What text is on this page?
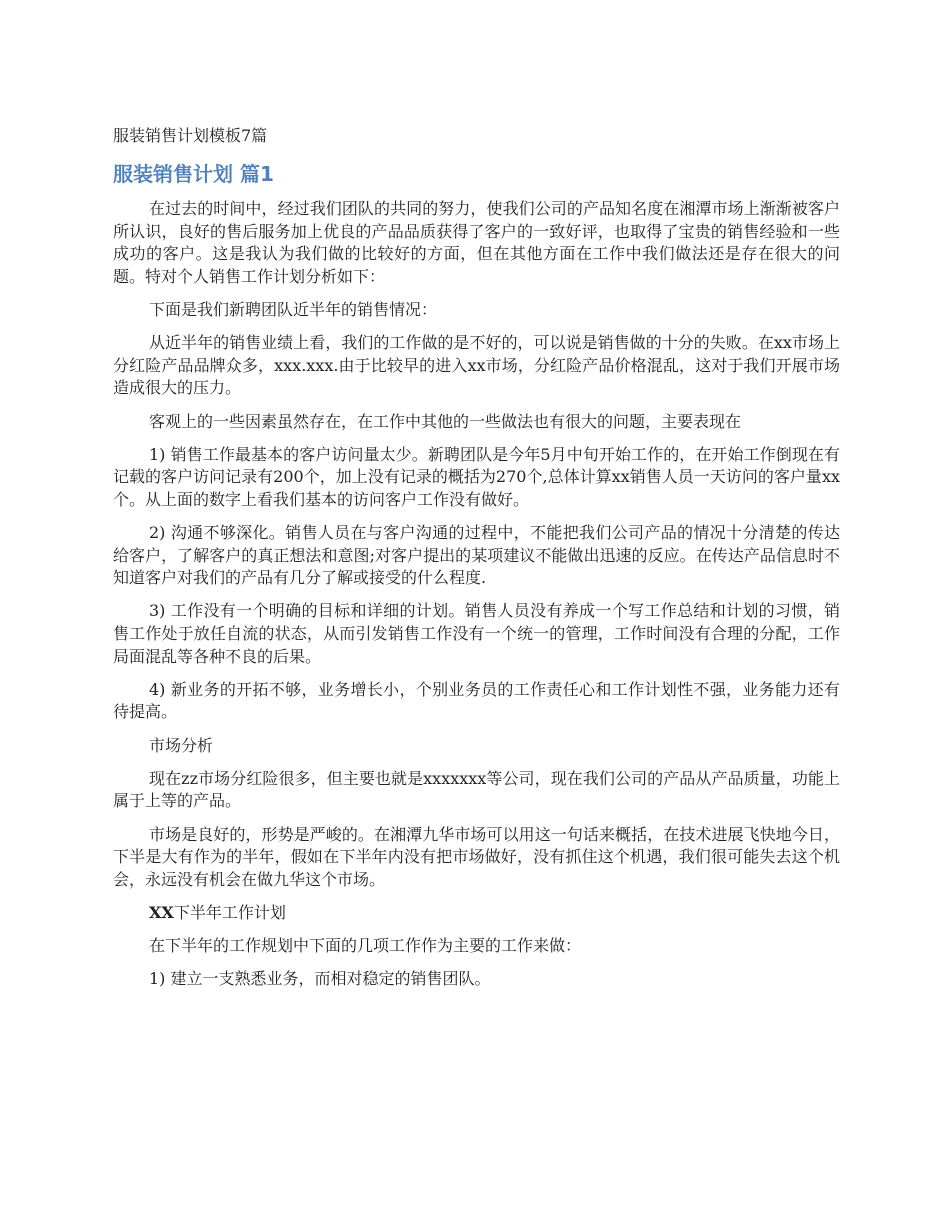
服装销售计划模板7篇

服装销售计划 篇1

在过去的时间中，经过我们团队的共同的努力，使我们公司的产品知名度在湘潭市场上渐渐被客户所认识，良好的售后服务加上优良的产品品质获得了客户的一致好评，也取得了宝贵的销售经验和一些成功的客户。这是我认为我们做的比较好的方面，但在其他方面在工作中我们做法还是存在很大的问题。特对个人销售工作计划分析如下：

下面是我们新聘团队近半年的销售情况：

从近半年的销售业绩上看，我们的工作做的是不好的，可以说是销售做的十分的失败。在xx市场上分红险产品品牌众多，xxx.xxx.由于比较早的进入xx市场，分红险产品价格混乱，这对于我们开展市场造成很大的压力。

客观上的一些因素虽然存在，在工作中其他的一些做法也有很大的问题，主要表现在

1) 销售工作最基本的客户访问量太少。新聘团队是今年5月中旬开始工作的，在开始工作倒现在有记载的客户访问记录有200个，加上没有记录的概括为270个,总体计算xx销售人员一天访问的客户量xx个。从上面的数字上看我们基本的访问客户工作没有做好。

2) 沟通不够深化。销售人员在与客户沟通的过程中，不能把我们公司产品的情况十分清楚的传达给客户，了解客户的真正想法和意图;对客户提出的某项建议不能做出迅速的反应。在传达产品信息时不知道客户对我们的产品有几分了解或接受的什么程度.

3) 工作没有一个明确的目标和详细的计划。销售人员没有养成一个写工作总结和计划的习惯，销售工作处于放任自流的状态，从而引发销售工作没有一个统一的管理，工作时间没有合理的分配，工作局面混乱等各种不良的后果。

4) 新业务的开拓不够，业务增长小，个别业务员的工作责任心和工作计划性不强，业务能力还有待提高。

市场分析

现在zz市场分红险很多，但主要也就是xxxxxxx等公司，现在我们公司的产品从产品质量，功能上属于上等的产品。

市场是良好的，形势是严峻的。在湘潭九华市场可以用这一句话来概括，在技术进展飞快地今日，下半是大有作为的半年，假如在下半年内没有把市场做好，没有抓住这个机遇，我们很可能失去这个机会，永远没有机会在做九华这个市场。

XX下半年工作计划

在下半年的工作规划中下面的几项工作作为主要的工作来做：

1) 建立一支熟悉业务，而相对稳定的销售团队。
